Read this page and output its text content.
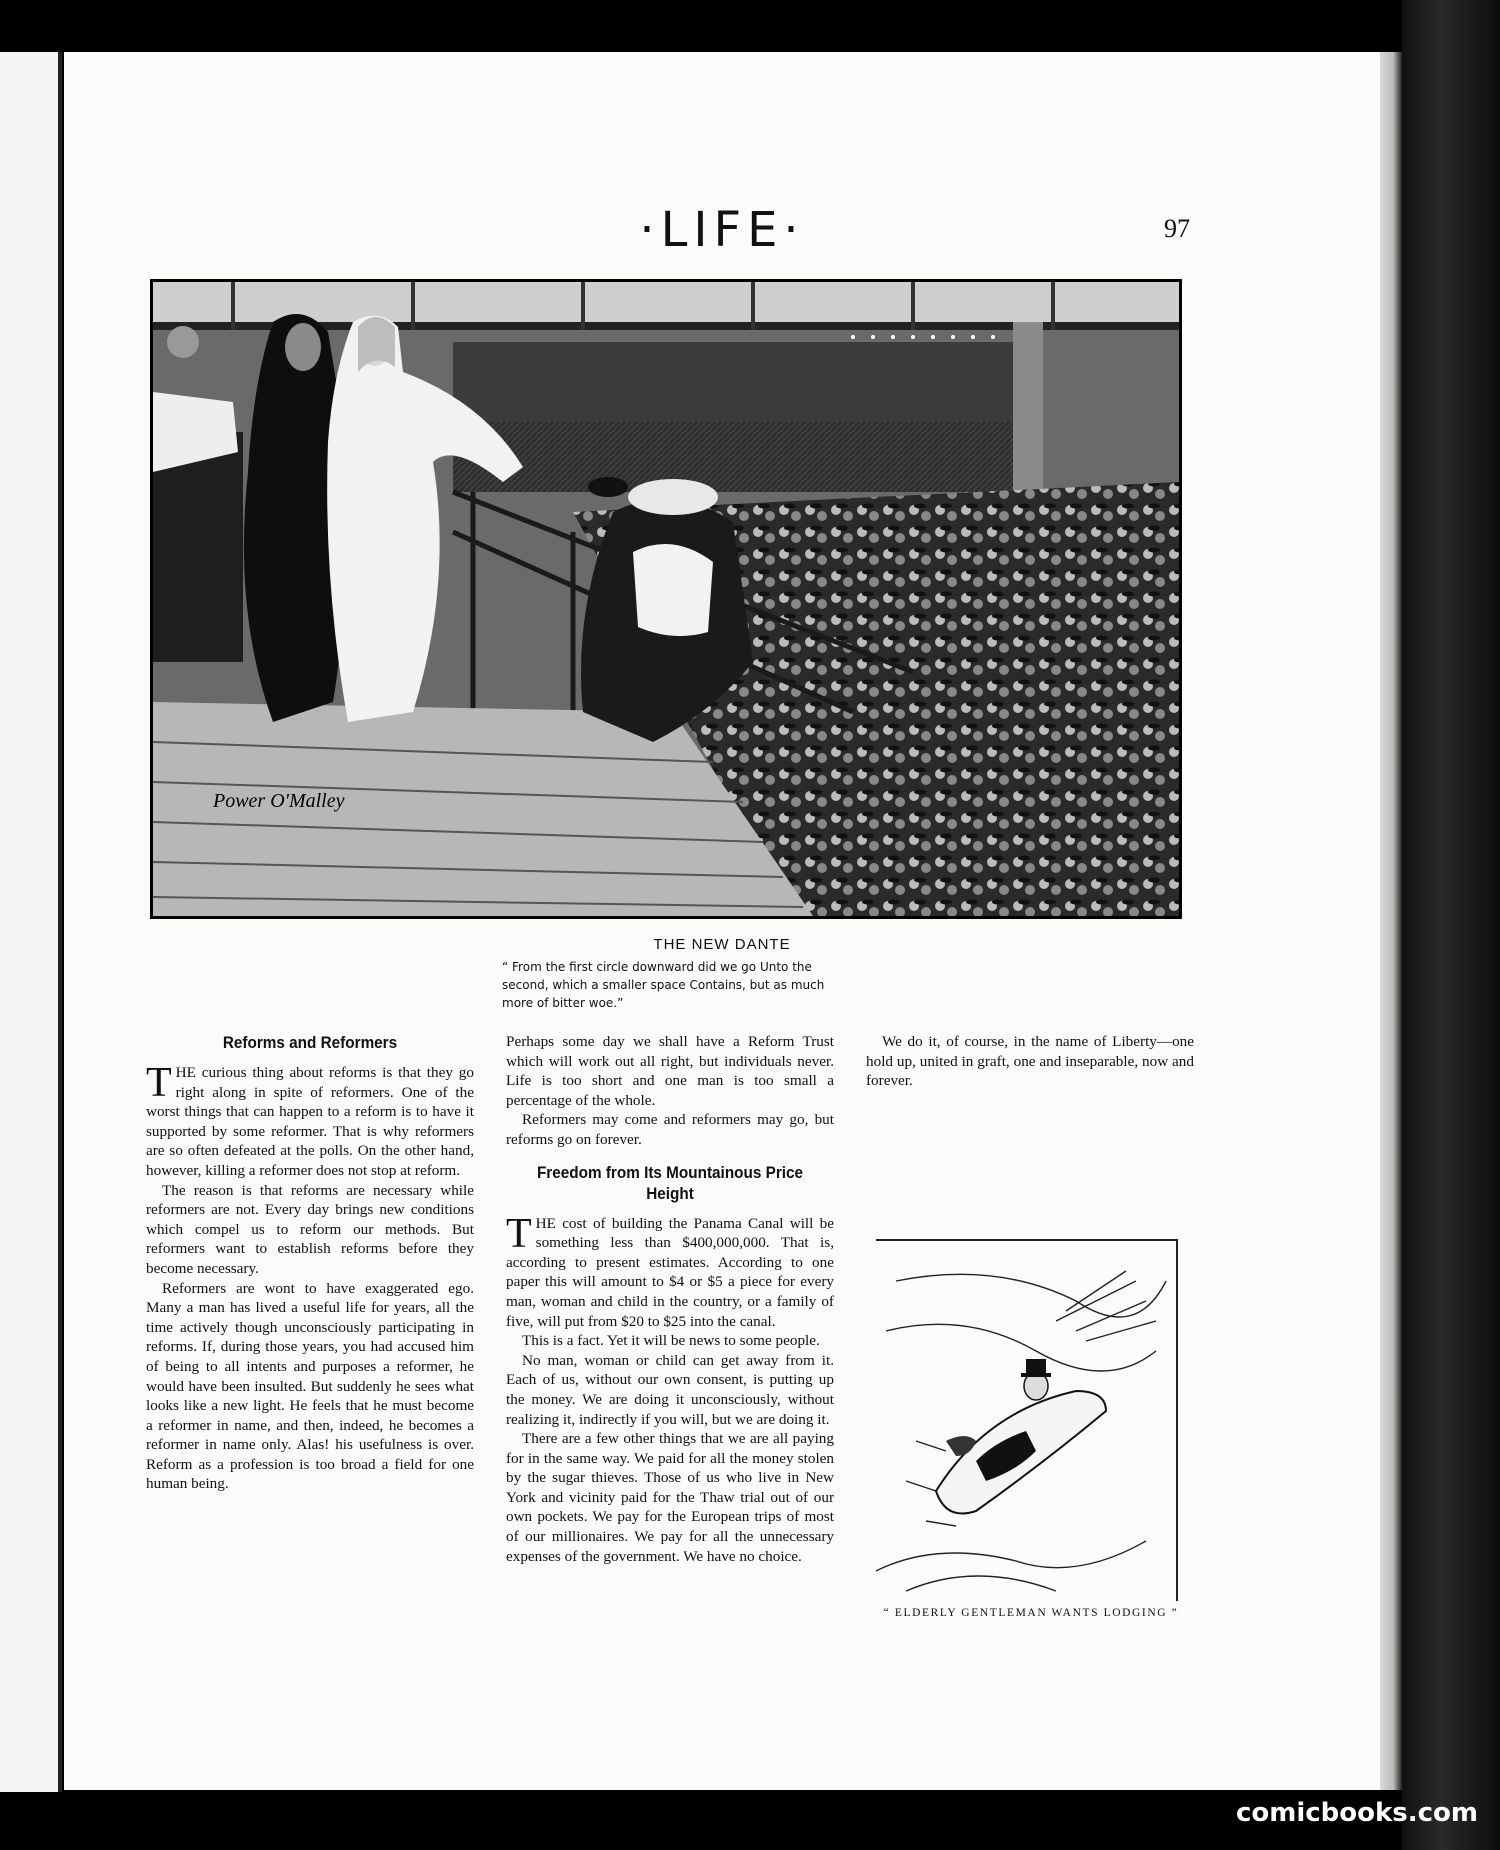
·LIFE·	97
Power O'Malley
THE NEW DANTE
“ From the first circle downward did we go Unto the second, which a smaller space Contains, but as much more of bitter woe.”
Reforms and Reformers

THE curious thing about reforms is that they go right along in spite of reformers. One of the worst things that can happen to a reform is to have it supported by some reformer. That is why reformers are so often defeated at the polls. On the other hand, however, killing a reformer does not stop at reform.

The reason is that reforms are necessary while reformers are not. Every day brings new conditions which compel us to reform our methods. But reformers want to establish reforms before they become necessary.

Reformers are wont to have exaggerated ego. Many a man has lived a useful life for years, all the time actively though unconsciously participating in reforms. If, during those years, you had accused him of being to all intents and purposes a reformer, he would have been insulted. But suddenly he sees what looks like a new light. He feels that he must become a reformer in name, and then, indeed, he becomes a reformer in name only. Alas! his usefulness is over. Reform as a profession is too broad a field for one human being.

Perhaps some day we shall have a Reform Trust which will work out all right, but individuals never. Life is too short and one man is too small a percentage of the whole.

Reformers may come and reformers may go, but reforms go on forever.

Freedom from Its Mountainous Price Height

THE cost of building the Panama Canal will be something less than $400,000,000. That is, according to present estimates. According to one paper this will amount to $4 or $5 a piece for every man, woman and child in the country, or a family of five, will put from $20 to $25 into the canal.

This is a fact. Yet it will be news to some people.

No man, woman or child can get away from it. Each of us, without our own consent, is putting up the money. We are doing it unconsciously, without realizing it, indirectly if you will, but we are doing it.

There are a few other things that we are all paying for in the same way. We paid for all the money stolen by the sugar thieves. Those of us who live in New York and vicinity paid for the Thaw trial out of our own pockets. We pay for the European trips of most of our millionaires. We pay for all the unnecessary expenses of the government. We have no choice.

We do it, of course, in the name of Liberty—one hold up, united in graft, one and inseparable, now and forever.

“ ELDERLY GENTLEMAN WANTS LODGING ”
comicbooks.com
